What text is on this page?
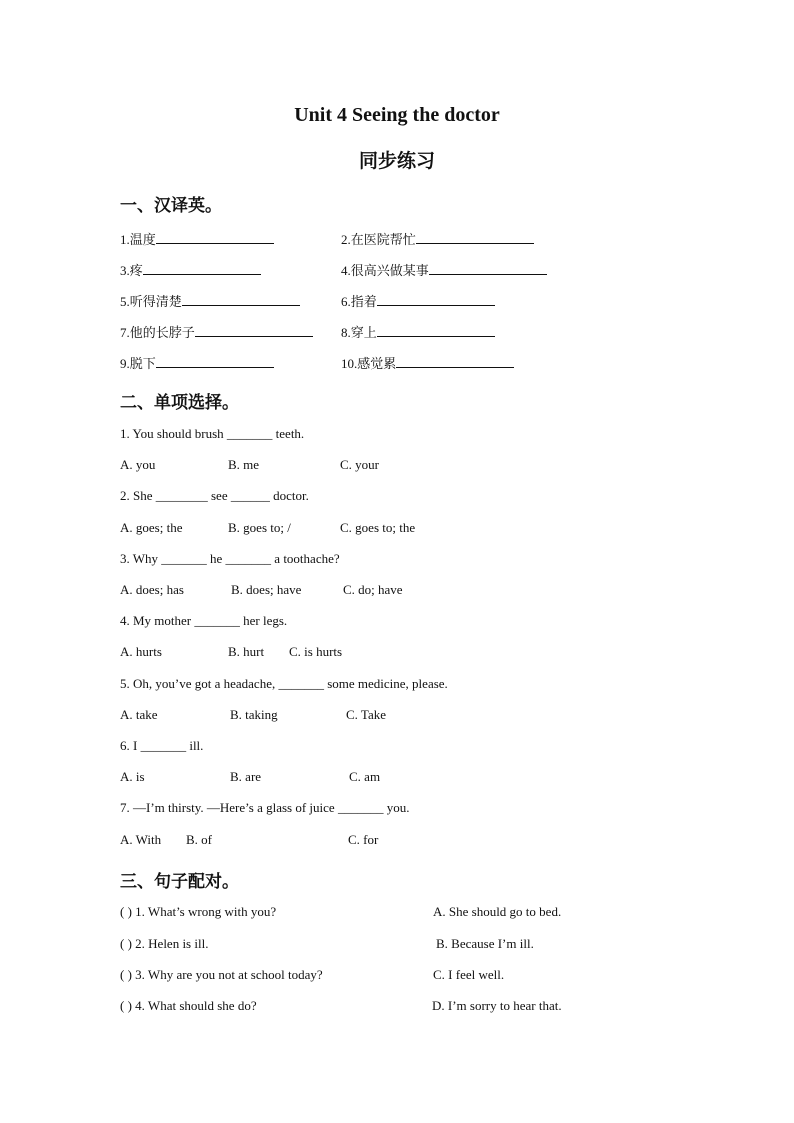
Unit 4 Seeing the doctor
同步练习
一、汉译英。
1.温度	2.在医院帮忙
3.疼	4.很高兴做某事
5.听得清楚	6.指着
7.他的长脖子	8.穿上
9.脱下	10.感觉累
二、单项选择。
1. You should brush _______ teeth.
A. you	B. me	C. your
2. She ________ see ______ doctor.
A. goes; the	B. goes to; /	C. goes to; the
3. Why _______ he _______ a toothache?
A. does; has	B. does; have	C. do; have
4. My mother _______ her legs.
A. hurts	B. hurt C. is hurts
5. Oh, you’ve got a headache, _______ some medicine, please.
A. take	B. taking	C. Take
6. I _______ ill.
A. is	B. are	C. am
7. —I’m thirsty. —Here’s a glass of juice _______ you.
A. With B. of	C. for
三、句子配对。
( ) 1. What’s wrong with you?	A. She should go to bed.
( ) 2. Helen is ill.	B. Because I’m ill.
( ) 3. Why are you not at school today?	C. I feel well.
( ) 4. What should she do?	D. I’m sorry to hear that.
